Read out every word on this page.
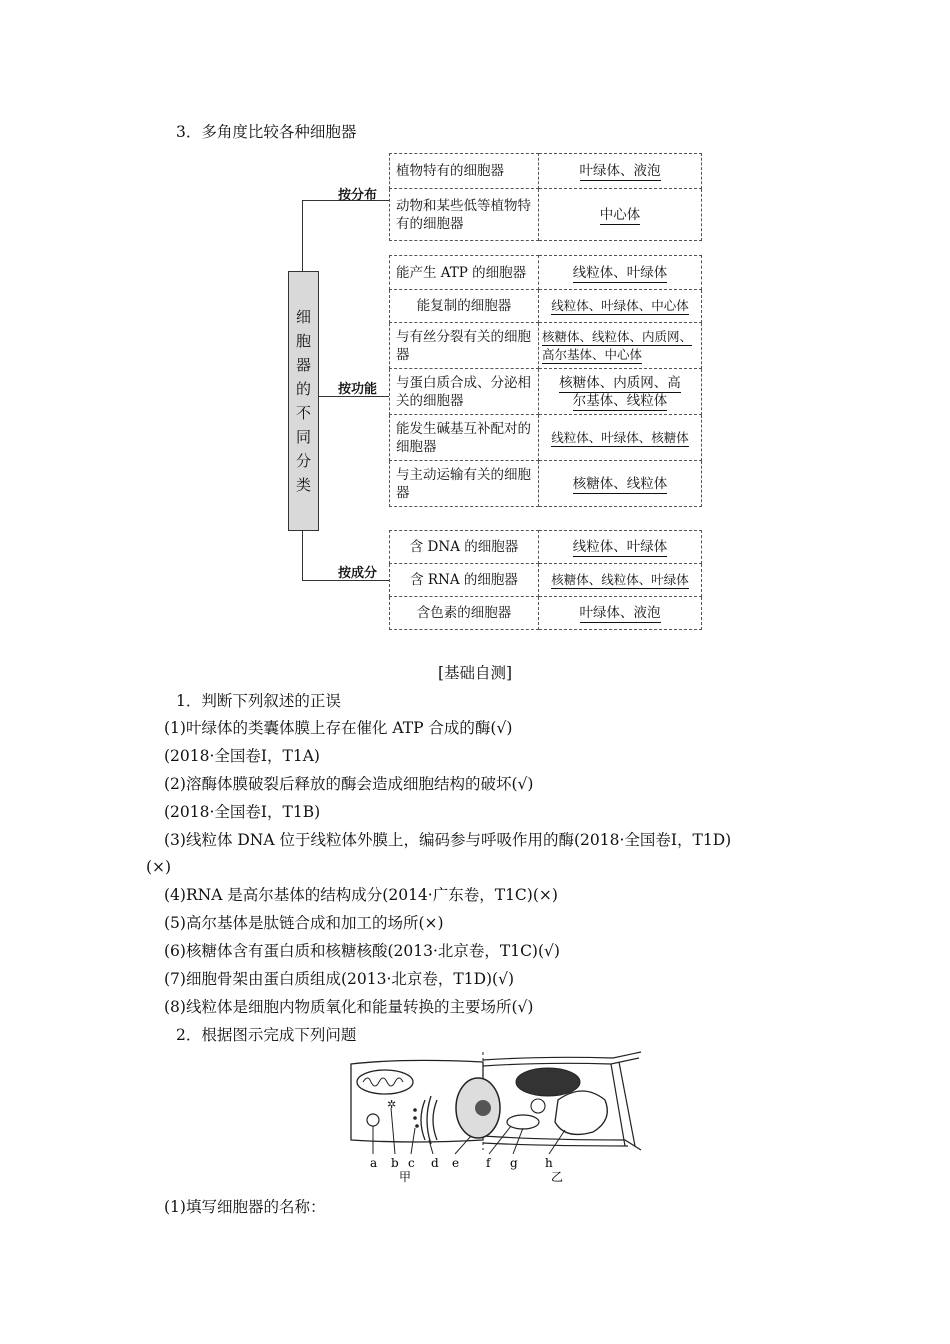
3．多角度比较各种细胞器
细
胞
器
的
不
同
分
类
按分布
按功能
按成分
植物特有的细胞器	叶绿体、液泡
动物和某些低等植物特有的细胞器	中心体
能产生 ATP 的细胞器	线粒体、叶绿体
能复制的细胞器	线粒体、叶绿体、中心体
与有丝分裂有关的细胞器	核糖体、线粒体、内质网、高尔基体、中心体
与蛋白质合成、分泌相关的细胞器	核糖体、内质网、高尔基体、线粒体
能发生碱基互补配对的细胞器	线粒体、叶绿体、核糖体
与主动运输有关的细胞器	核糖体、线粒体
含 DNA 的细胞器	线粒体、叶绿体
含 RNA 的细胞器	核糖体、线粒体、叶绿体
含色素的细胞器	叶绿体、液泡
[基础自测]
1．判断下列叙述的正误
(1)叶绿体的类囊体膜上存在催化 ATP 合成的酶(√)
(2018·全国卷Ⅰ，T1A)
(2)溶酶体膜破裂后释放的酶会造成细胞结构的破坏(√)
(2018·全国卷Ⅰ，T1B)
(3)线粒体 DNA 位于线粒体外膜上，编码参与呼吸作用的酶(2018·全国卷Ⅰ，T1D)
(×)
(4)RNA 是高尔基体的结构成分(2014·广东卷，T1C)(×)
(5)高尔基体是肽链合成和加工的场所(×)
(6)核糖体含有蛋白质和核糖核酸(2013·北京卷，T1C)(√)
(7)细胞骨架由蛋白质组成(2013·北京卷，T1D)(√)
(8)线粒体是细胞内物质氧化和能量转换的主要场所(√)
2．根据图示完成下列问题
✲
a b c d e f g h
甲	乙
(1)填写细胞器的名称：
